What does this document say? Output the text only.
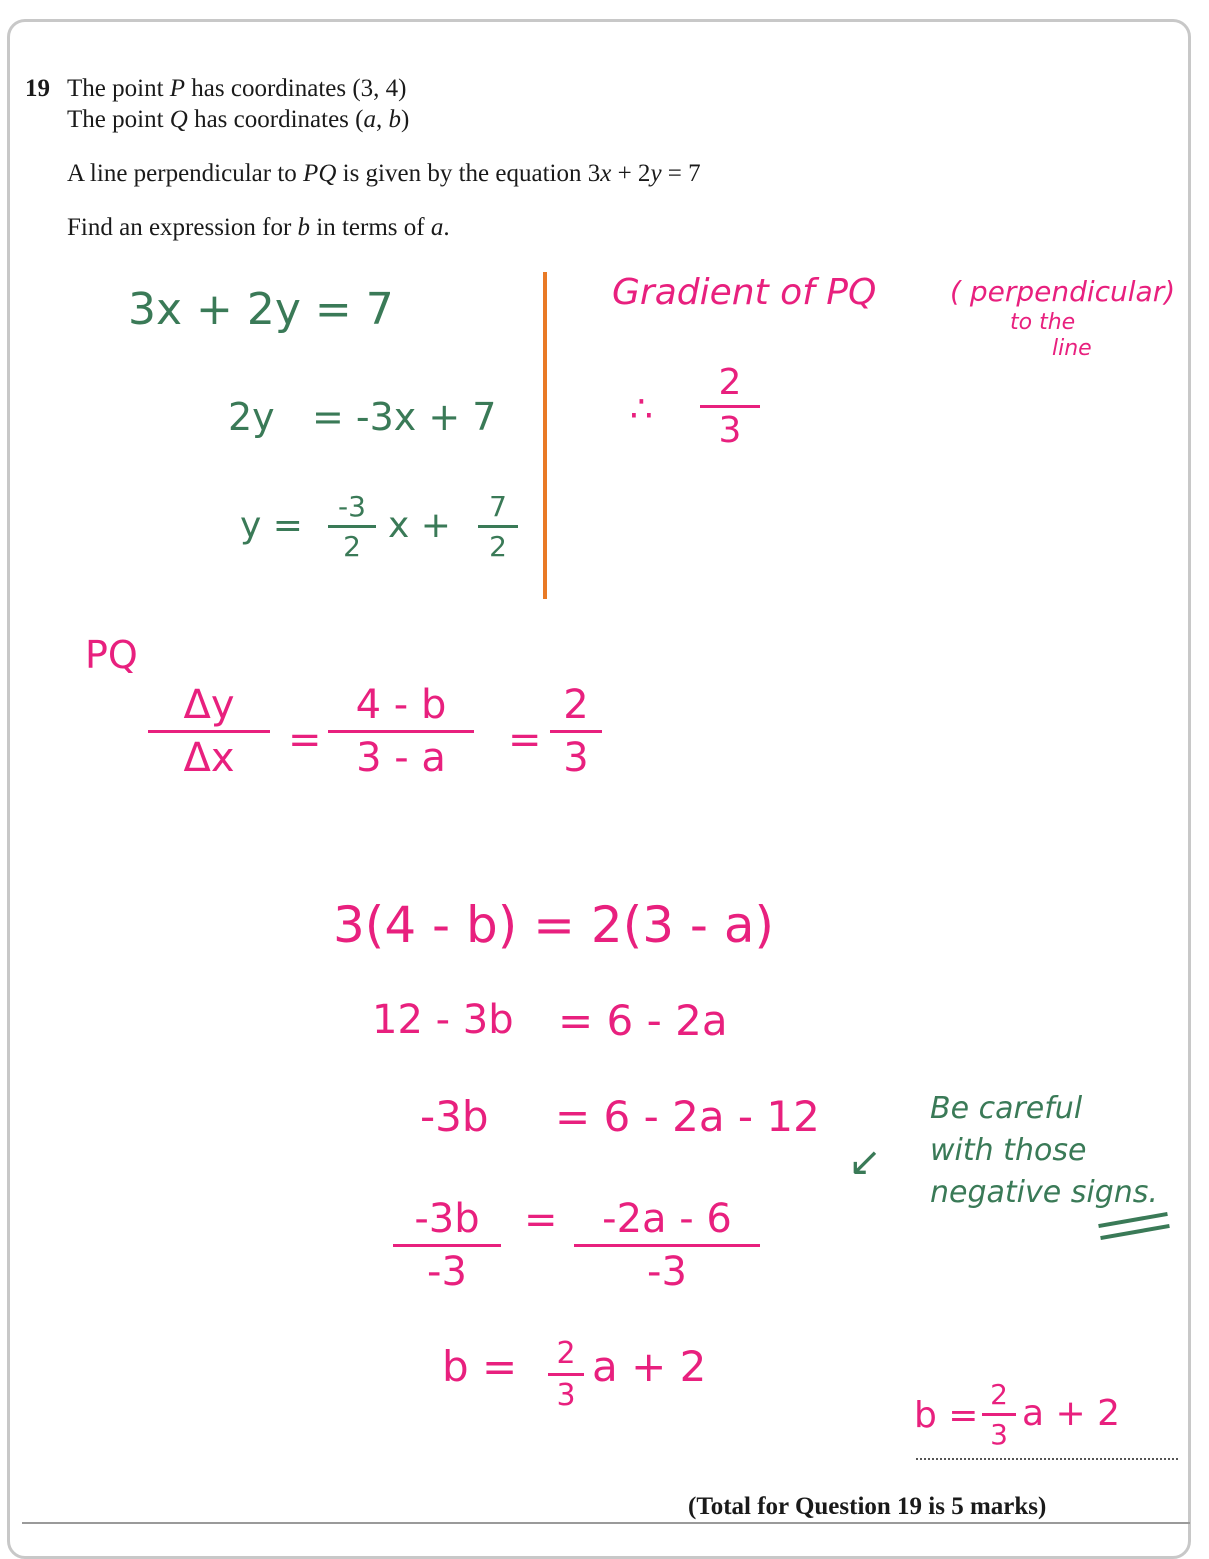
19 The point P has coordinates (3, 4)
The point Q has coordinates (a, b)
A line perpendicular to PQ is given by the equation 3x + 2y = 7
Find an expression for b in terms of a.
3x + 2y = 7
2y = -3x + 7
y =	-3
2
x +	7
2
Gradient of PQ	( perpendicular)
to the
line
∴
2
3
PQ
Δy
Δx	=
4 - b
3 - a	=
2
3
3(4 - b) = 2(3 - a)
12 - 3b = 6 - 2a
-3b = 6 - 2a - 12
-3b
-3
=	-2a - 6
-3
b = 2
3
a + 2
↙
Be careful
with those
negative signs.
b =
2
3
a + 2
(Total for Question 19 is 5 marks)
